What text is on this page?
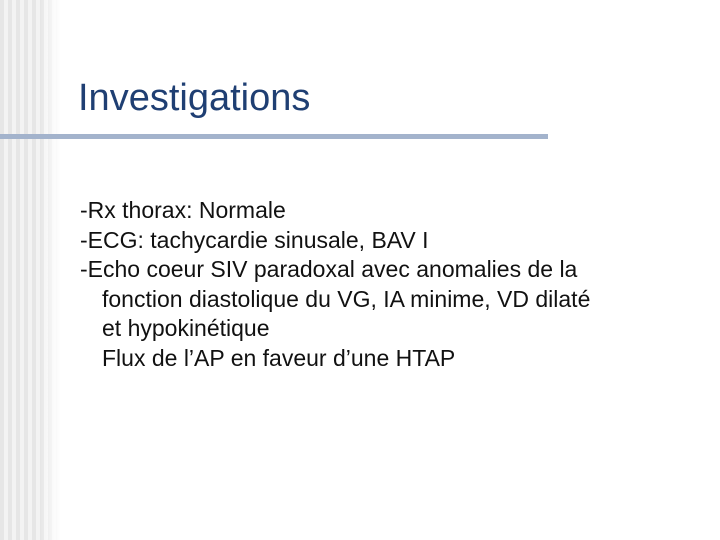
Investigations
-Rx thorax: Normale
-ECG: tachycardie sinusale, BAV I
-Echo coeur SIV paradoxal avec anomalies de la
fonction diastolique du VG, IA minime, VD dilaté
et hypokinétique
Flux de l’AP en faveur d’une HTAP
